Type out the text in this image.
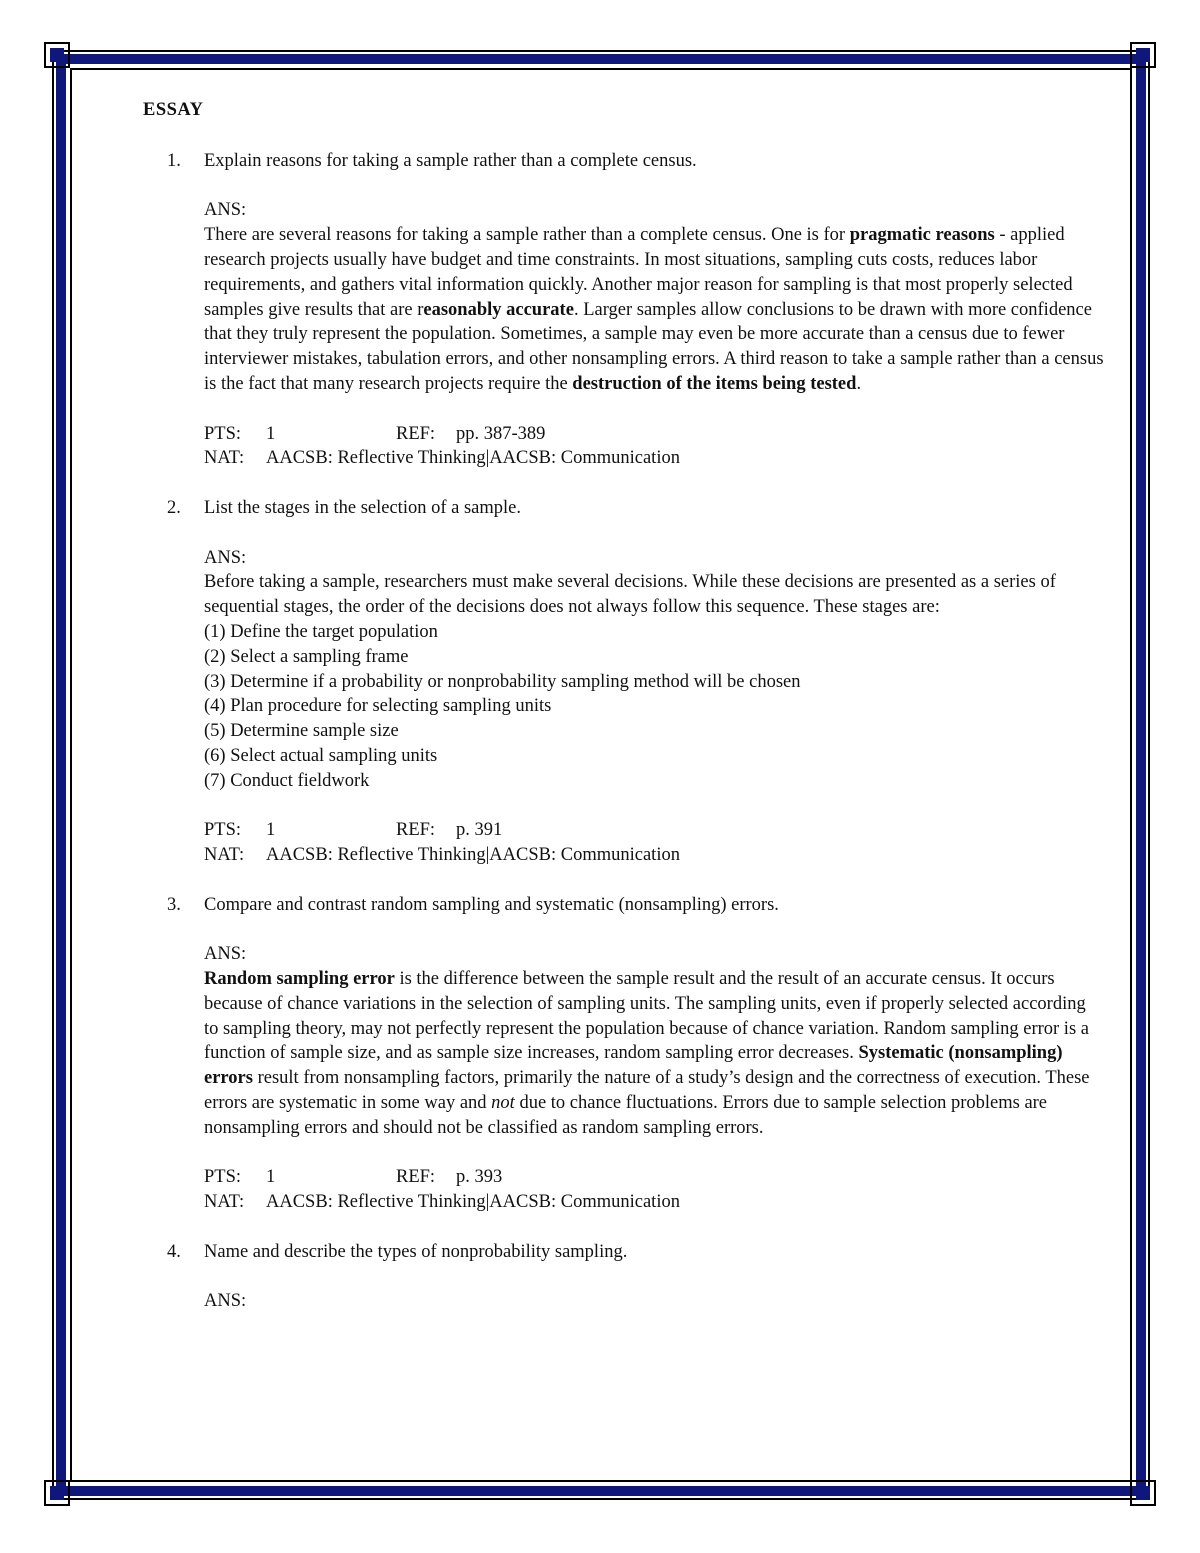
ESSAY

1. Explain reasons for taking a sample rather than a complete census.

ANS:

There are several reasons for taking a sample rather than a complete census. One is for pragmatic reasons - applied research projects usually have budget and time constraints. In most situations, sampling cuts costs, reduces labor requirements, and gathers vital information quickly. Another major reason for sampling is that most properly selected samples give results that are reasonably accurate. Larger samples allow conclusions to be drawn with more confidence that they truly represent the population. Sometimes, a sample may even be more accurate than a census due to fewer interviewer mistakes, tabulation errors, and other nonsampling errors. A third reason to take a sample rather than a census is the fact that many research projects require the destruction of the items being tested.

PTS: 1	REF: pp. 387-389

NAT: AACSB: Reflective Thinking|AACSB: Communication

2. List the stages in the selection of a sample.

ANS:

Before taking a sample, researchers must make several decisions. While these decisions are presented as a series of sequential stages, the order of the decisions does not always follow this sequence. These stages are:

(1) Define the target population

(2) Select a sampling frame

(3) Determine if a probability or nonprobability sampling method will be chosen

(4) Plan procedure for selecting sampling units

(5) Determine sample size

(6) Select actual sampling units

(7) Conduct fieldwork

PTS: 1	REF: p. 391

NAT: AACSB: Reflective Thinking|AACSB: Communication

3. Compare and contrast random sampling and systematic (nonsampling) errors.

ANS:

Random sampling error is the difference between the sample result and the result of an accurate census. It occurs because of chance variations in the selection of sampling units. The sampling units, even if properly selected according to sampling theory, may not perfectly represent the population because of chance variation. Random sampling error is a function of sample size, and as sample size increases, random sampling error decreases. Systematic (nonsampling) errors result from nonsampling factors, primarily the nature of a study’s design and the correctness of execution. These errors are systematic in some way and not due to chance fluctuations. Errors due to sample selection problems are nonsampling errors and should not be classified as random sampling errors.

PTS: 1	REF: p. 393

NAT: AACSB: Reflective Thinking|AACSB: Communication

4. Name and describe the types of nonprobability sampling.

ANS:
